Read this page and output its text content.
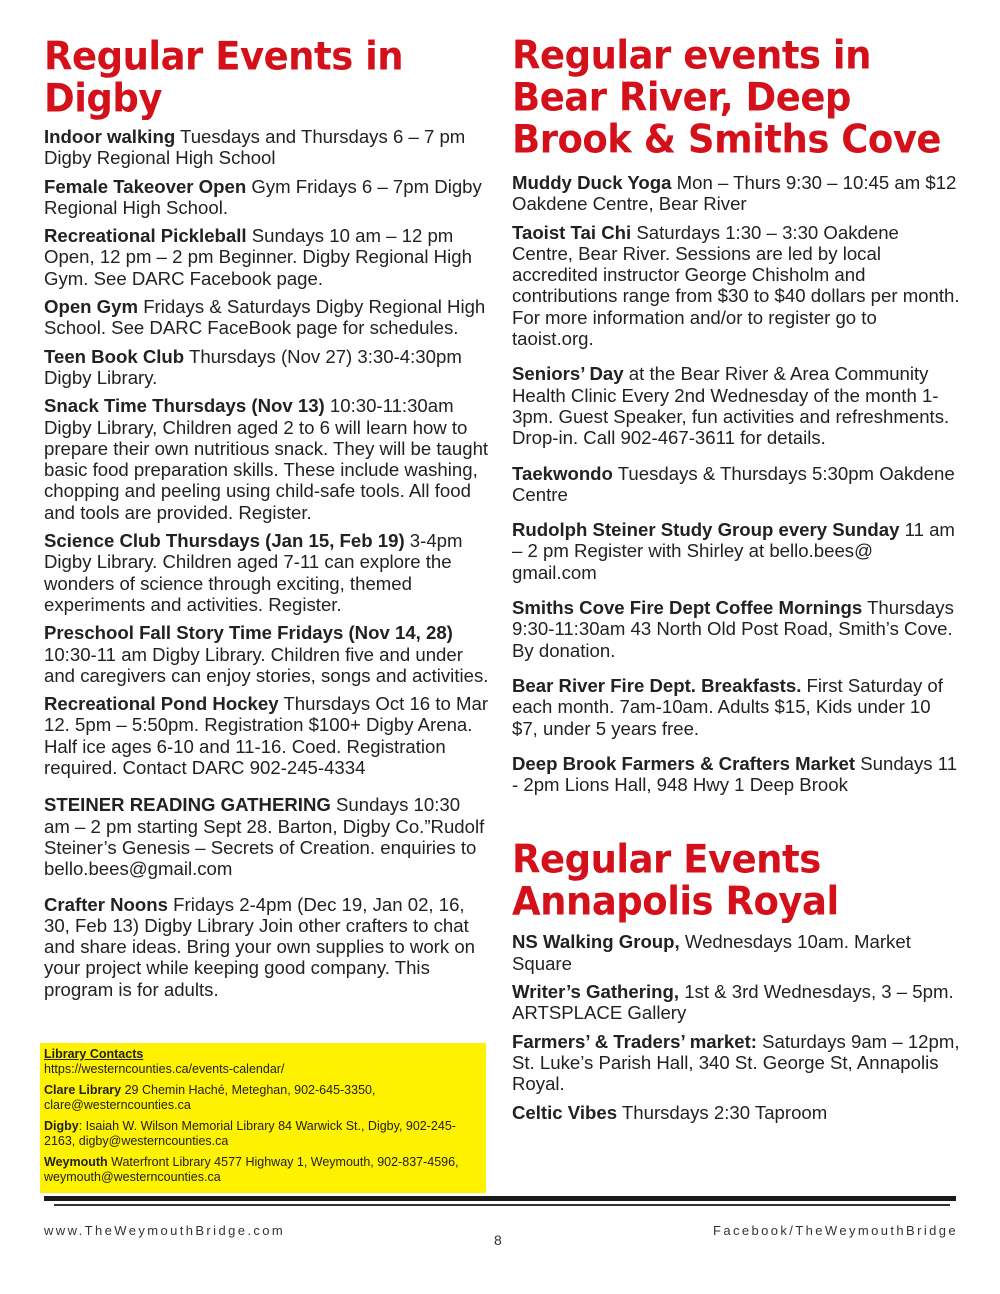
Regular Events in Digby

Indoor walking Tuesdays and Thursdays 6 – 7 pm Digby Regional High School

Female Takeover Open Gym Fridays 6 – 7pm Digby Regional High School.

Recreational Pickleball Sundays 10 am – 12 pm Open, 12 pm – 2 pm Beginner. Digby Regional High Gym. See DARC Facebook page.

Open Gym Fridays & Saturdays Digby Regional High School. See DARC FaceBook page for schedules.

Teen Book Club Thursdays (Nov 27) 3:30-4:30pm Digby Library.

Snack Time Thursdays (Nov 13) 10:30-11:30am Digby Library, Children aged 2 to 6 will learn how to prepare their own nutritious snack. They will be taught basic food preparation skills. These include washing, chopping and peeling using child-safe tools. All food and tools are provided. Register.

Science Club Thursdays (Jan 15, Feb 19) 3-4pm Digby Library. Children aged 7-11 can explore the wonders of science through exciting, themed experiments and activities. Register.

Preschool Fall Story Time Fridays (Nov 14, 28) 10:30-11 am Digby Library. Children five and under and caregivers can enjoy stories, songs and activities.

Recreational Pond Hockey Thursdays Oct 16 to Mar 12. 5pm – 5:50pm. Registration $100+ Digby Arena. Half ice ages 6-10 and 11-16. Coed. Registration required. Contact DARC 902-245-4334

STEINER READING GATHERING Sundays 10:30 am – 2 pm starting Sept 28. Barton, Digby Co.”Rudolf Steiner’s Genesis – Secrets of Creation. enquiries to bello.bees@gmail.com

Crafter Noons Fridays 2-4pm (Dec 19, Jan 02, 16, 30, Feb 13) Digby Library Join other crafters to chat and share ideas. Bring your own supplies to work on your project while keeping good company. This program is for adults.

Regular events in Bear River, Deep Brook & Smiths Cove

Muddy Duck Yoga Mon – Thurs 9:30 – 10:45 am $12 Oakdene Centre, Bear River

Taoist Tai Chi Saturdays 1:30 – 3:30 Oakdene Centre, Bear River. Sessions are led by local accredited instructor George Chisholm and contributions range from $30 to $40 dollars per month. For more information and/or to register go to taoist.org.

Seniors’ Day at the Bear River & Area Community Health Clinic Every 2nd Wednesday of the month 1-3pm. Guest Speaker, fun activities and refreshments. Drop-in. Call 902-467-3611 for details.

Taekwondo Tuesdays & Thursdays 5:30pm Oakdene Centre

Rudolph Steiner Study Group every Sunday 11 am – 2 pm Register with Shirley at bello.bees@ gmail.com

Smiths Cove Fire Dept Coffee Mornings Thursdays 9:30-11:30am 43 North Old Post Road, Smith’s Cove. By donation.

Bear River Fire Dept. Breakfasts. First Saturday of each month. 7am-10am. Adults $15, Kids under 10 $7, under 5 years free.

Deep Brook Farmers & Crafters Market Sundays 11 - 2pm Lions Hall, 948 Hwy 1 Deep Brook

Regular Events Annapolis Royal

NS Walking Group, Wednesdays 10am. Market Square

Writer’s Gathering, 1st & 3rd Wednesdays, 3 – 5pm. ARTSPLACE Gallery

Farmers’ & Traders’ market: Saturdays 9am – 12pm, St. Luke’s Parish Hall, 340 St. George St, Annapolis Royal.

Celtic Vibes Thursdays 2:30 Taproom

Library Contacts
https://westerncounties.ca/events-calendar/

Clare Library 29 Chemin Haché, Meteghan, 902-645-3350, clare@westerncounties.ca

Digby: Isaiah W. Wilson Memorial Library 84 Warwick St., Digby, 902-245-2163, digby@westerncounties.ca

Weymouth Waterfront Library 4577 Highway 1, Weymouth, 902-837-4596, weymouth@westerncounties.ca

www.TheWeymouthBridge.com
8
Facebook/TheWeymouthBridge
